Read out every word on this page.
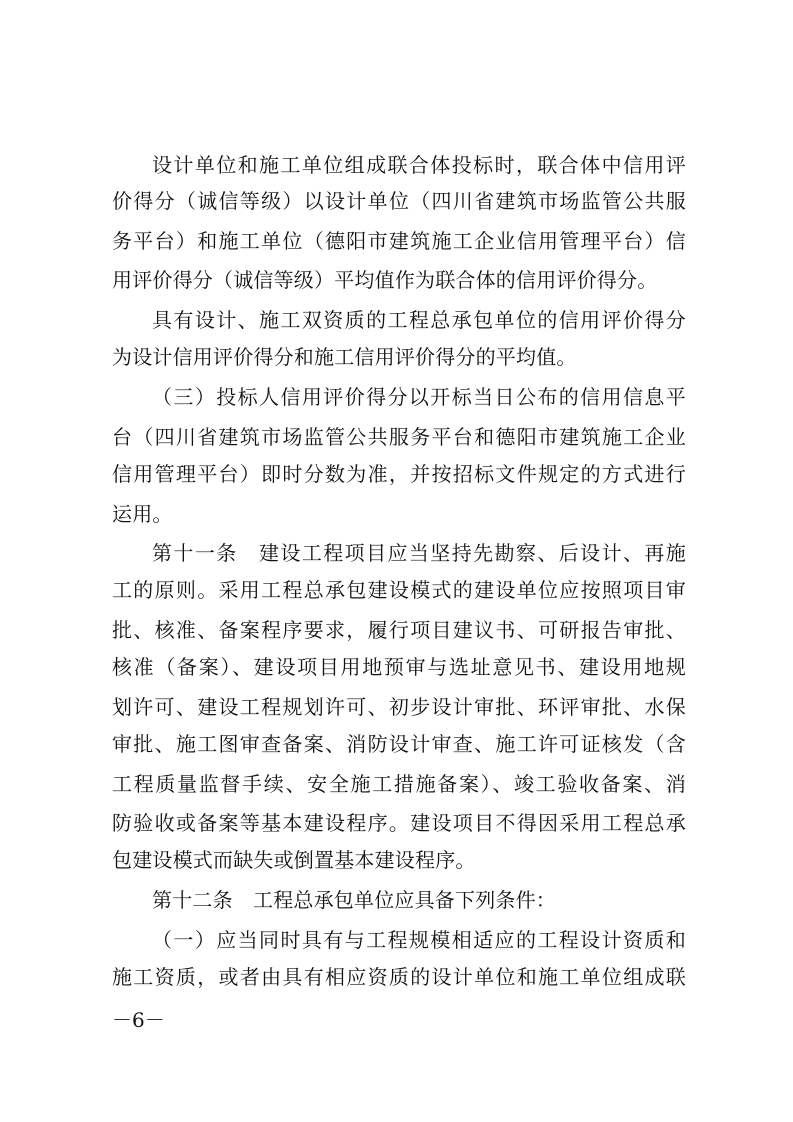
设计单位和施工单位组成联合体投标时，联合体中信用评
价得分（诚信等级）以设计单位（四川省建筑市场监管公共服
务平台）和施工单位（德阳市建筑施工企业信用管理平台）信
用评价得分（诚信等级）平均值作为联合体的信用评价得分。
具有设计、施工双资质的工程总承包单位的信用评价得分
为设计信用评价得分和施工信用评价得分的平均值。
（三）投标人信用评价得分以开标当日公布的信用信息平
台（四川省建筑市场监管公共服务平台和德阳市建筑施工企业
信用管理平台）即时分数为准，并按招标文件规定的方式进行
运用。
第十一条　建设工程项目应当坚持先勘察、后设计、再施
工的原则。采用工程总承包建设模式的建设单位应按照项目审
批、核准、备案程序要求，履行项目建议书、可研报告审批、
核准（备案）、建设项目用地预审与选址意见书、建设用地规
划许可、建设工程规划许可、初步设计审批、环评审批、水保
审批、施工图审查备案、消防设计审查、施工许可证核发（含
工程质量监督手续、安全施工措施备案）、竣工验收备案、消
防验收或备案等基本建设程序。建设项目不得因采用工程总承
包建设模式而缺失或倒置基本建设程序。
第十二条　工程总承包单位应具备下列条件：
（一）应当同时具有与工程规模相适应的工程设计资质和
施工资质，或者由具有相应资质的设计单位和施工单位组成联
－6－
